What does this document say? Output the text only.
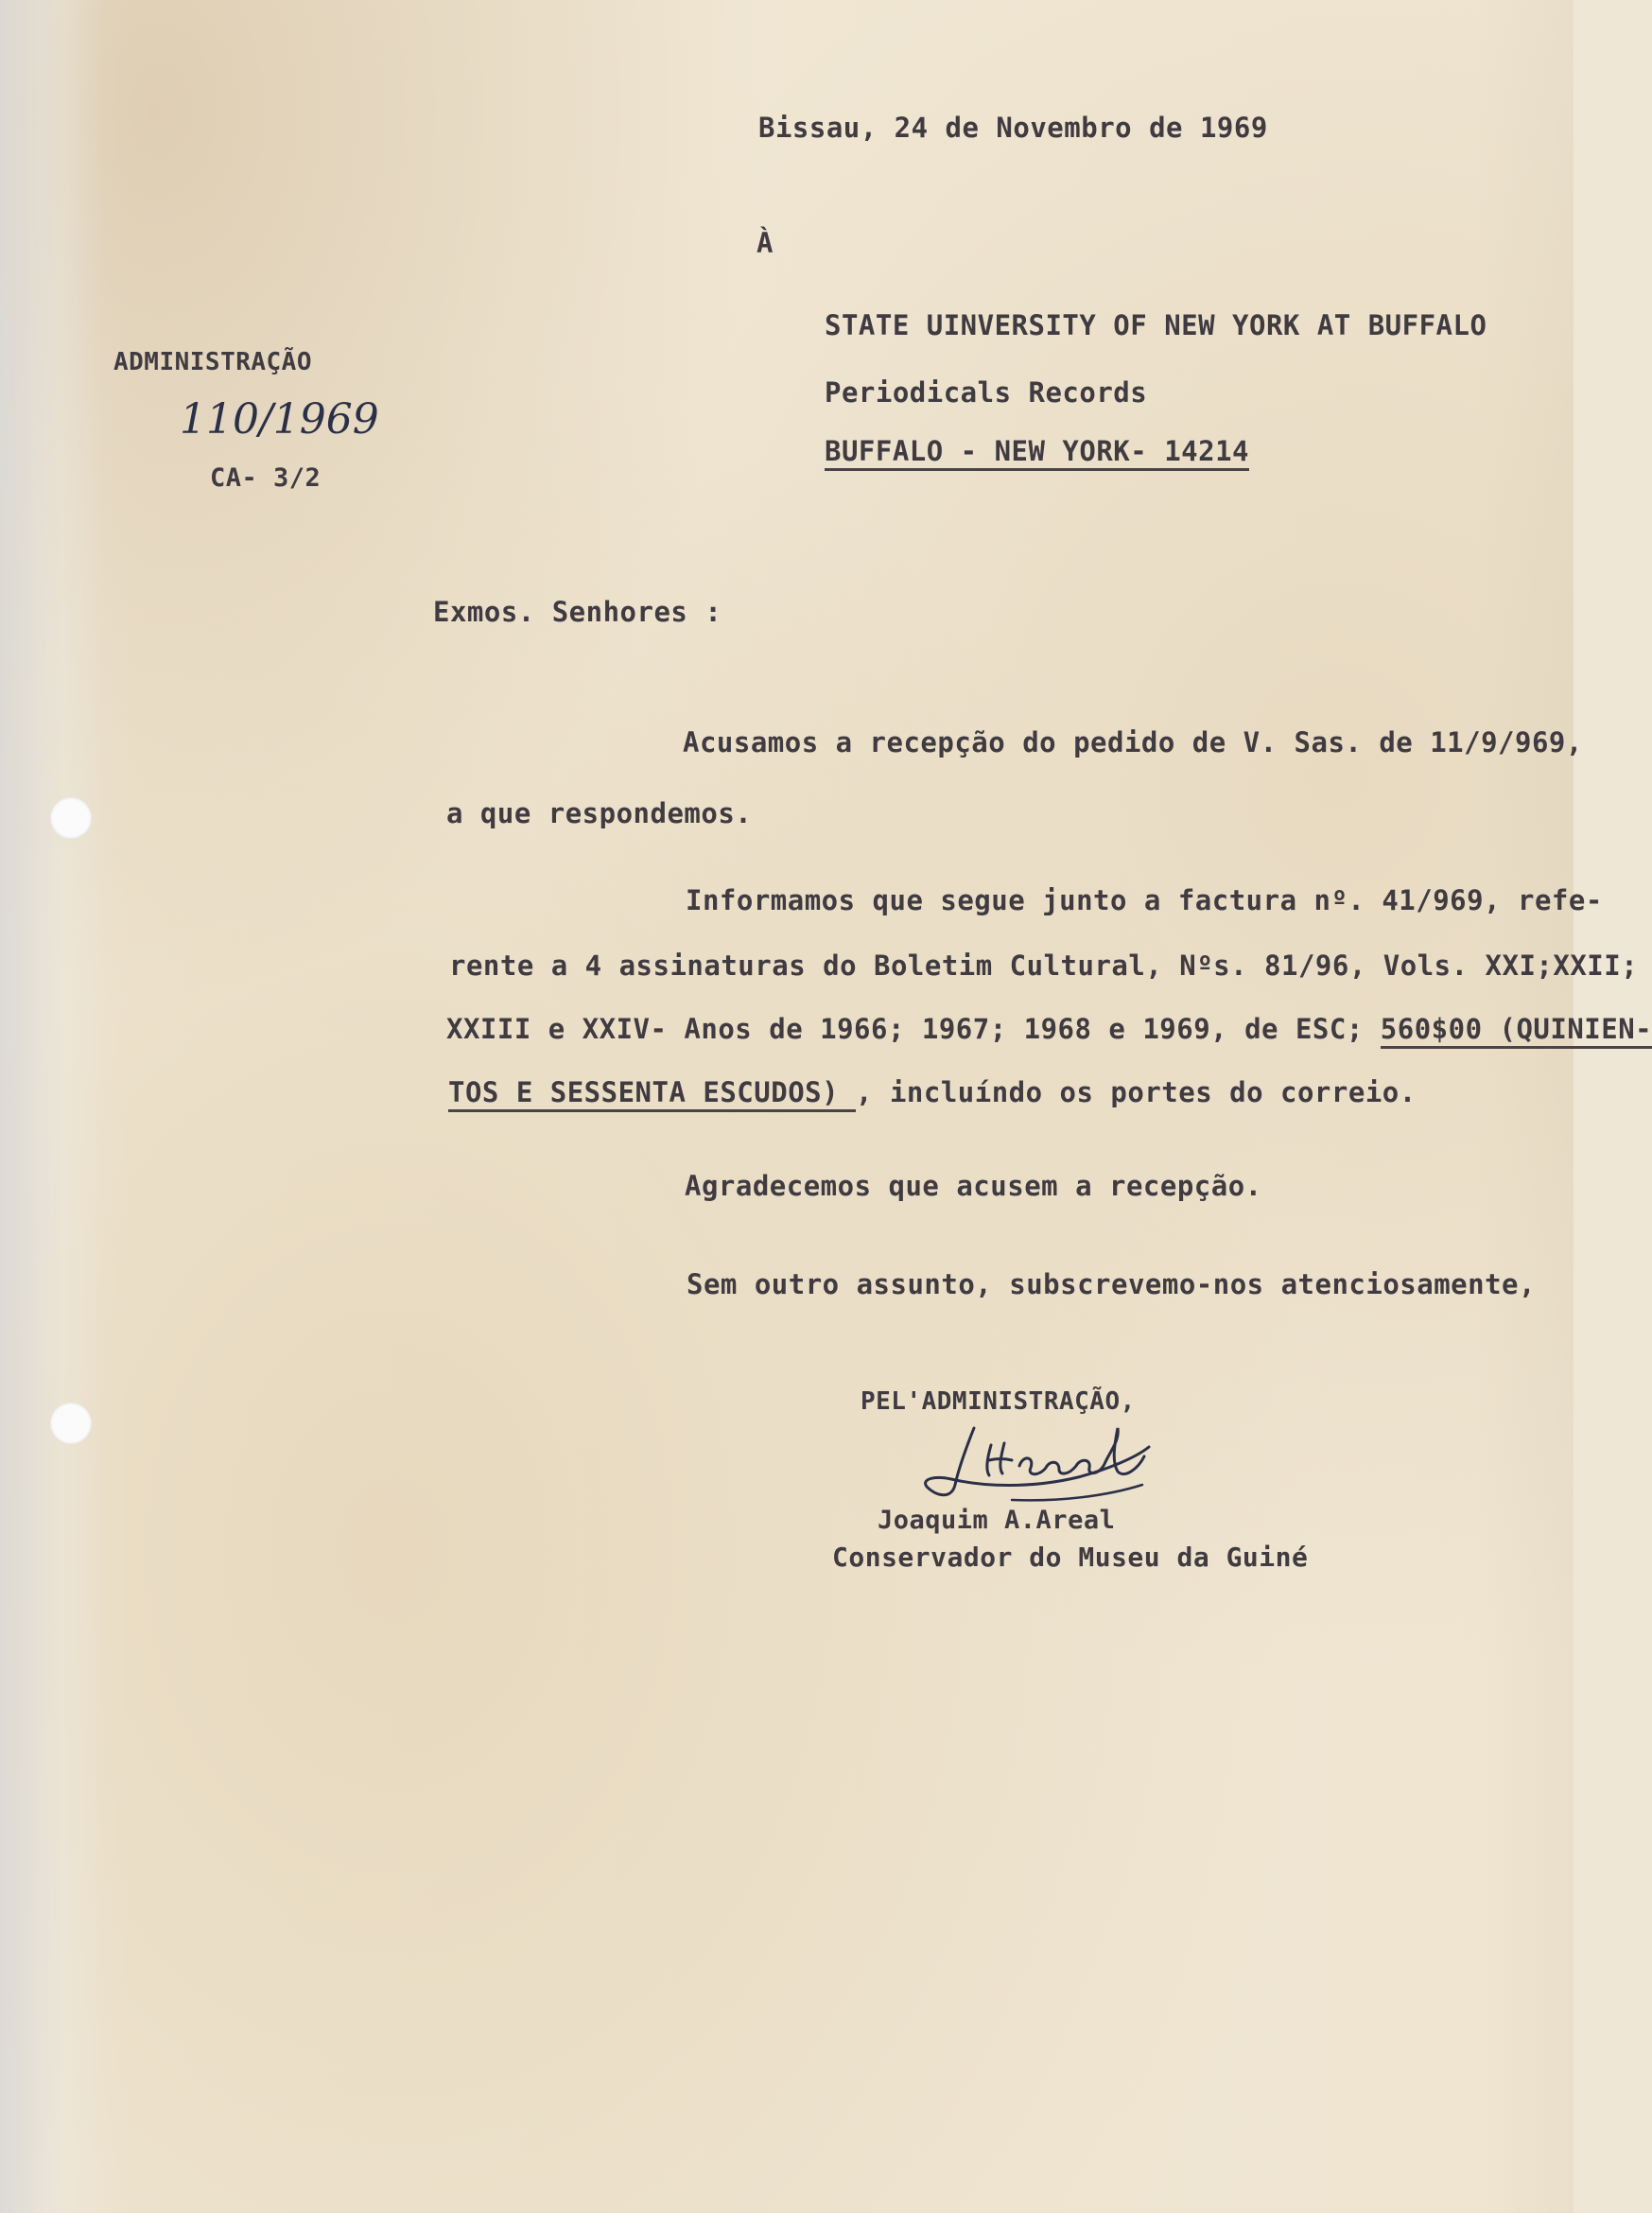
Bissau, 24 de Novembro de 1969
À
STATE UINVERSITY OF NEW YORK AT BUFFALO
Periodicals Records
BUFFALO - NEW YORK- 14214
ADMINISTRAÇÃO
110/1969
CA- 3/2
Exmos. Senhores :
Acusamos a recepção do pedido de V. Sas. de 11/9/969,
a que respondemos.
Informamos que segue junto a factura nº. 41/969, refe-
rente a 4 assinaturas do Boletim Cultural, Nºs. 81/96, Vols. XXI;XXII;
XXIII e XXIV- Anos de 1966; 1967; 1968 e 1969, de ESC; 560$00 (QUINIEN-
TOS E SESSENTA ESCUDOS) , incluíndo os portes do correio.
Agradecemos que acusem a recepção.
Sem outro assunto, subscrevemo-nos atenciosamente,
PEL'ADMINISTRAÇÃO,
Joaquim A.Areal
Conservador do Museu da Guiné
